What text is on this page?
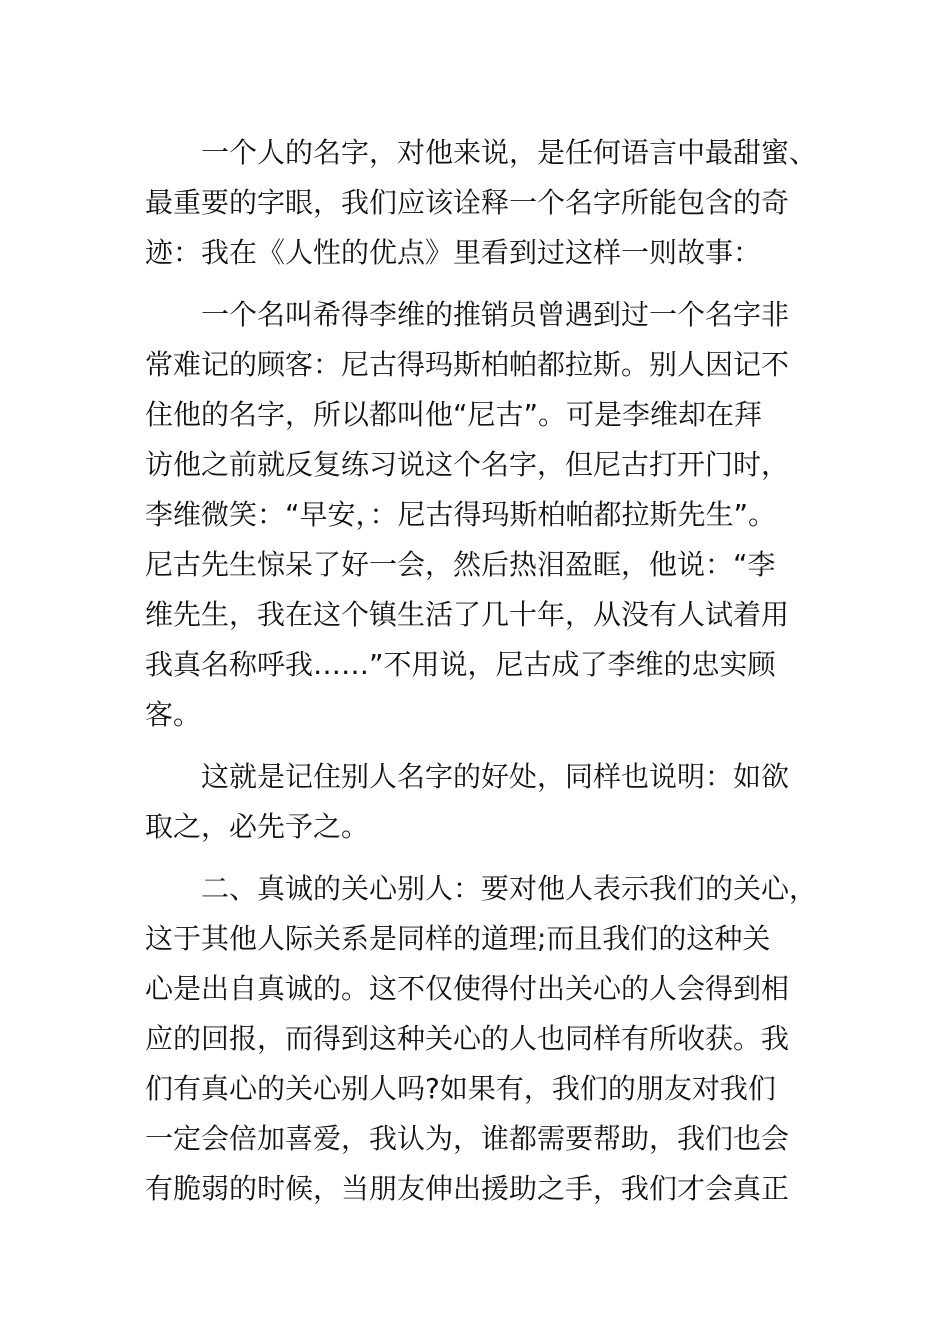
　　一个人的名字，对他来说，是任何语言中最甜蜜、
最重要的字眼，我们应该诠释一个名字所能包含的奇
迹：我在《人性的优点》里看到过这样一则故事：

　　一个名叫希得李维的推销员曾遇到过一个名字非
常难记的顾客：尼古得玛斯柏帕都拉斯。别人因记不
住他的名字，所以都叫他“尼古”。可是李维却在拜
访他之前就反复练习说这个名字，但尼古打开门时，
李维微笑：“早安，：尼古得玛斯柏帕都拉斯先生”。
尼古先生惊呆了好一会，然后热泪盈眶，他说：“李
维先生，我在这个镇生活了几十年，从没有人试着用
我真名称呼我……”不用说，尼古成了李维的忠实顾
客。

　　这就是记住别人名字的好处，同样也说明：如欲
取之，必先予之。

　　二、真诚的关心别人：要对他人表示我们的关心，
这于其他人际关系是同样的道理;而且我们的这种关
心是出自真诚的。这不仅使得付出关心的人会得到相
应的回报，而得到这种关心的人也同样有所收获。我
们有真心的关心别人吗?如果有，我们的朋友对我们
一定会倍加喜爱，我认为，谁都需要帮助，我们也会
有脆弱的时候，当朋友伸出援助之手，我们才会真正
